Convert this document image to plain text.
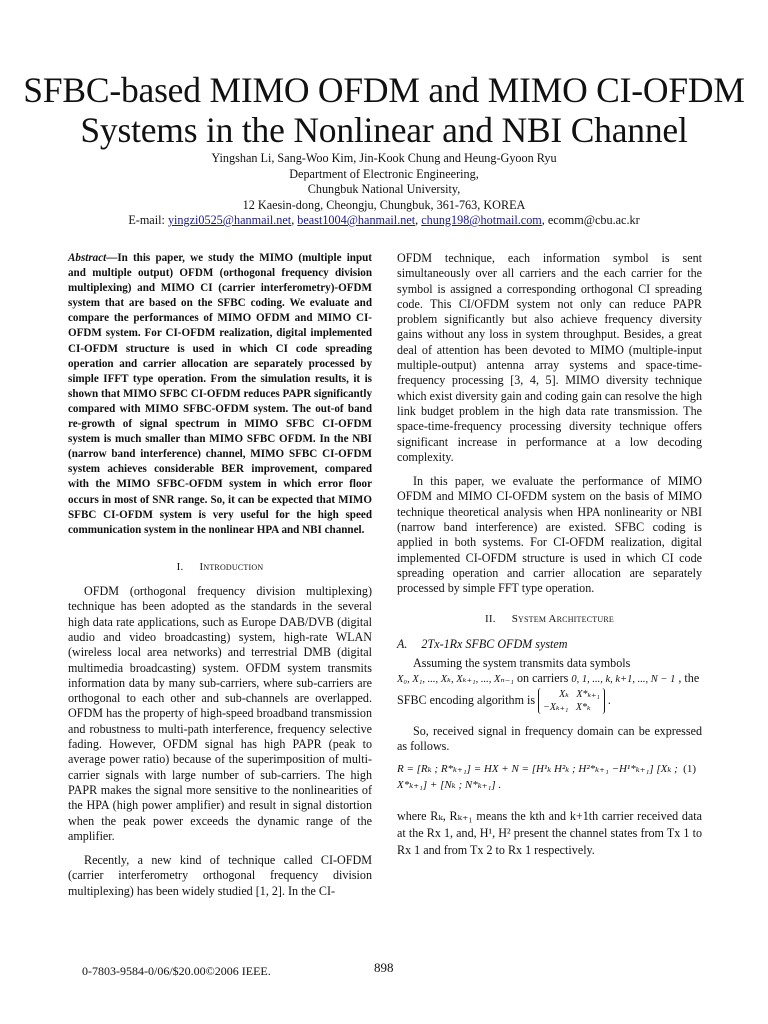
SFBC-based MIMO OFDM and MIMO CI-OFDM
Systems in the Nonlinear and NBI Channel
Yingshan Li, Sang-Woo Kim, Jin-Kook Chung and Heung-Gyoon Ryu
Department of Electronic Engineering,
Chungbuk National University,
12 Kaesin-dong, Cheongju, Chungbuk, 361-763, KOREA
E-mail: yingzi0525@hanmail.net, beast1004@hanmail.net, chung198@hotmail.com, ecomm@cbu.ac.kr

Abstract—In this paper, we study the MIMO (multiple input and multiple output) OFDM (orthogonal frequency division multiplexing) and MIMO CI (carrier interferometry)-OFDM system that are based on the SFBC coding. We evaluate and compare the performances of MIMO OFDM and MIMO CI-OFDM system. For CI-OFDM realization, digital implemented CI-OFDM structure is used in which CI code spreading operation and carrier allocation are separately processed by simple IFFT type operation. From the simulation results, it is shown that MIMO SFBC CI-OFDM reduces PAPR significantly compared with MIMO SFBC-OFDM system. The out-of band re-growth of signal spectrum in MIMO SFBC CI-OFDM system is much smaller than MIMO SFBC OFDM. In the NBI (narrow band interference) channel, MIMO SFBC CI-OFDM system achieves considerable BER improvement, compared with the MIMO SFBC-OFDM system in which error floor occurs in most of SNR range. So, it can be expected that MIMO SFBC CI-OFDM system is very useful for the high speed communication system in the nonlinear HPA and NBI channel.

I. Introduction

OFDM (orthogonal frequency division multiplexing) technique has been adopted as the standards in the several high data rate applications, such as Europe DAB/DVB (digital audio and video broadcasting) system, high-rate WLAN (wireless local area networks) and terrestrial DMB (digital multimedia broadcasting) system. OFDM system transmits information data by many sub-carriers, where sub-carriers are orthogonal to each other and sub-channels are overlapped. OFDM has the property of high-speed broadband transmission and robustness to multi-path interference, frequency selective fading. However, OFDM signal has high PAPR (peak to average power ratio) because of the superimposition of multi-carrier signals with large number of sub-carriers. The high PAPR makes the signal more sensitive to the nonlinearities of the HPA (high power amplifier) and result in signal distortion when the peak power exceeds the dynamic range of the amplifier.

Recently, a new kind of technique called CI-OFDM (carrier interferometry orthogonal frequency division multiplexing) has been widely studied [1, 2]. In the CI-

OFDM technique, each information symbol is sent simultaneously over all carriers and the each carrier for the symbol is assigned a corresponding orthogonal CI spreading code. This CI/OFDM system not only can reduce PAPR problem significantly but also achieve frequency diversity gains without any loss in system throughput. Besides, a great deal of attention has been devoted to MIMO (multiple-input multiple-output) antenna array systems and space-time-frequency processing [3, 4, 5]. MIMO diversity technique which exist diversity gain and coding gain can resolve the high link budget problem in the high data rate transmission. The space-time-frequency processing diversity technique offers significant increase in performance at a low decoding complexity.

In this paper, we evaluate the performance of MIMO OFDM and MIMO CI-OFDM system on the basis of MIMO technique theoretical analysis when HPA nonlinearity or NBI (narrow band interference) are existed. SFBC coding is applied in both systems. For CI-OFDM realization, digital implemented CI-OFDM structure is used in which CI code spreading operation and carrier allocation are separately processed by simple FFT type operation.

II. System Architecture
A. 2Tx-1Rx SFBC OFDM system

Assuming the system transmits data symbols
X₀, X₁, ..., Xₖ, Xₖ₊₁, ..., Xₙ₋₁ on carriers 0, 1, ..., k, k+1, ..., N − 1 , the
SFBC encoding algorithm is Xₖ   X*ₖ₊₁
−Xₖ₊₁   X*ₖ .

So, received signal in frequency domain can be expressed as follows.

R = [Rₖ ; R*ₖ₊₁] = HX + N = [H¹ₖ H²ₖ ; H²*ₖ₊₁ −H¹*ₖ₊₁] [Xₖ ; X*ₖ₊₁] + [Nₖ ; N*ₖ₊₁] .
(1)

where Rₖ, Rₖ₊₁ means the kth and k+1th carrier received data at the Rx 1, and, H¹, H² present the channel states from Tx 1 to Rx 1 and from Tx 2 to Rx 1 respectively.

0-7803-9584-0/06/$20.00©2006 IEEE.	898
